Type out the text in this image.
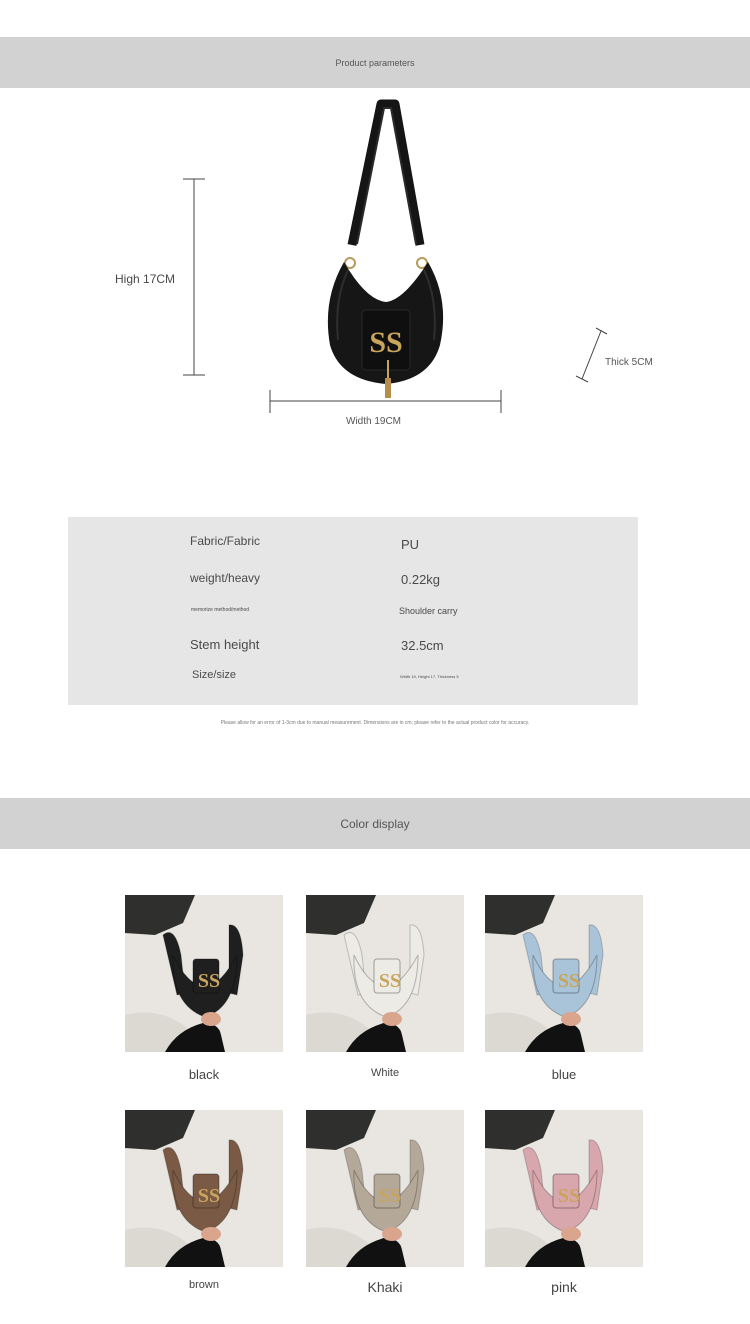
Product parameters
SS
High 17CM
Width 19CM
Thick 5CM
Fabric/Fabric	PU
weight/heavy	0.22kg
memorize method/method	Shoulder carry
Stem height	32.5cm
Size/size	Width 19, Height 17, Thickness 5
Please allow for an error of 1-3cm due to manual measurement. Dimensions are in cm; please refer to the actual product color for accuracy.
Color display
SS
black
SS
White
SS
blue
SS
brown
SS
Khaki
SS
pink
